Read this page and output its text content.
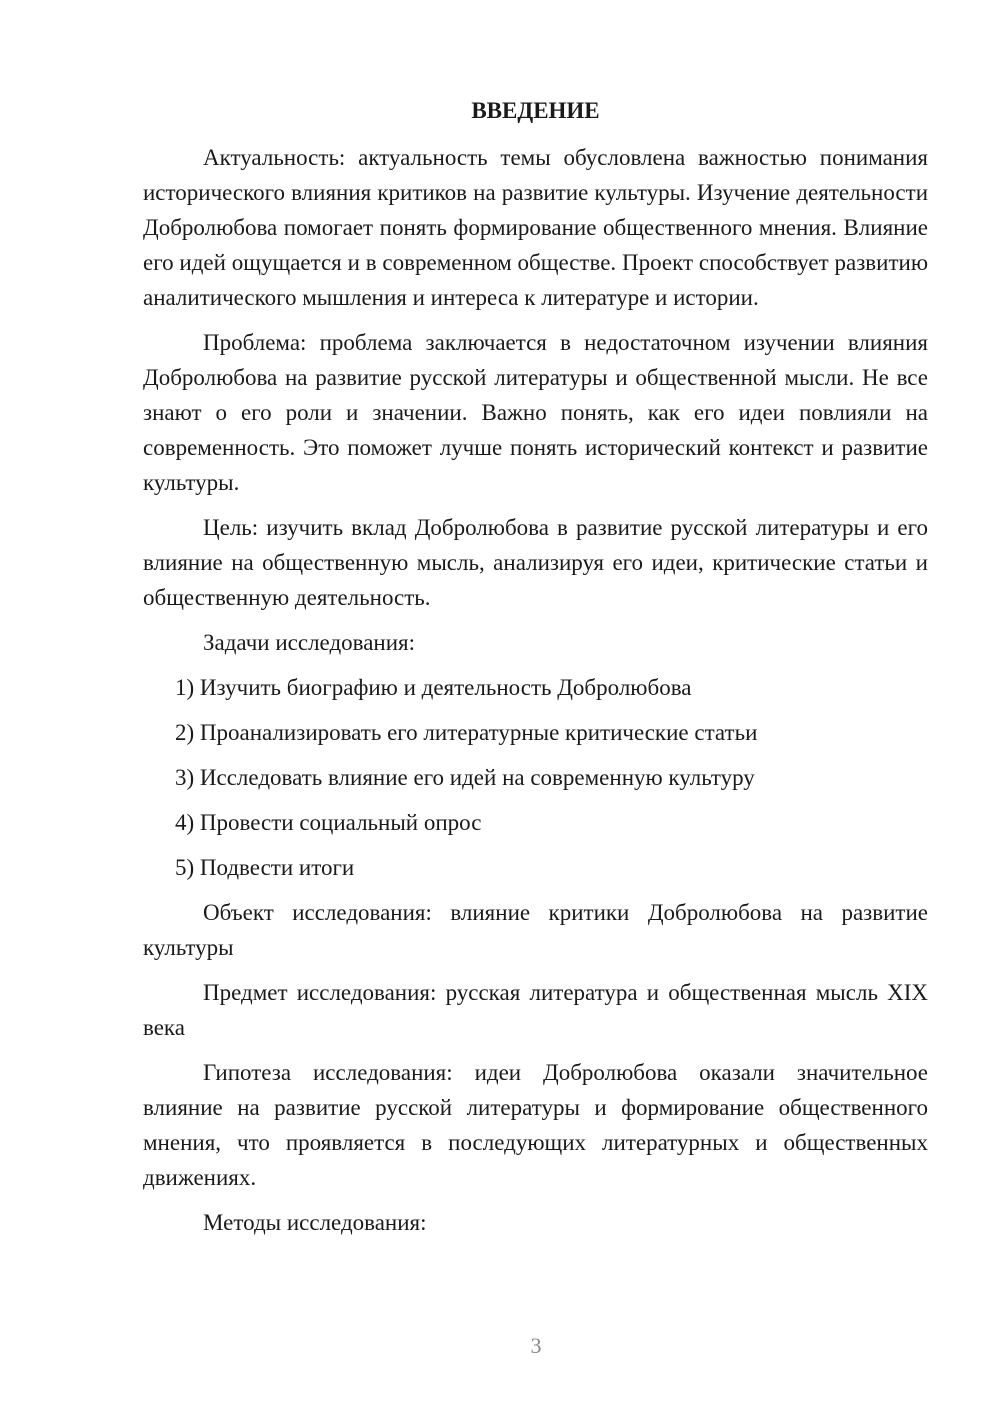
ВВЕДЕНИЕ

Актуальность: актуальность темы обусловлена важностью понимания исторического влияния критиков на развитие культуры. Изучение деятельности Добролюбова помогает понять формирование общественного мнения. Влияние его идей ощущается и в современном обществе. Проект способствует развитию аналитического мышления и интереса к литературе и истории.

Проблема: проблема заключается в недостаточном изучении влияния Добролюбова на развитие русской литературы и общественной мысли. Не все знают о его роли и значении. Важно понять, как его идеи повлияли на современность. Это поможет лучше понять исторический контекст и развитие культуры.

Цель: изучить вклад Добролюбова в развитие русской литературы и его влияние на общественную мысль, анализируя его идеи, критические статьи и общественную деятельность.

Задачи исследования:

1) Изучить биографию и деятельность Добролюбова

2) Проанализировать его литературные критические статьи

3) Исследовать влияние его идей на современную культуру

4) Провести социальный опрос

5) Подвести итоги

Объект исследования: влияние критики Добролюбова на развитие культуры

Предмет исследования: русская литература и общественная мысль XIX века

Гипотеза исследования: идеи Добролюбова оказали значительное влияние на развитие русской литературы и формирование общественного мнения, что проявляется в последующих литературных и общественных движениях.

Методы исследования:

3
